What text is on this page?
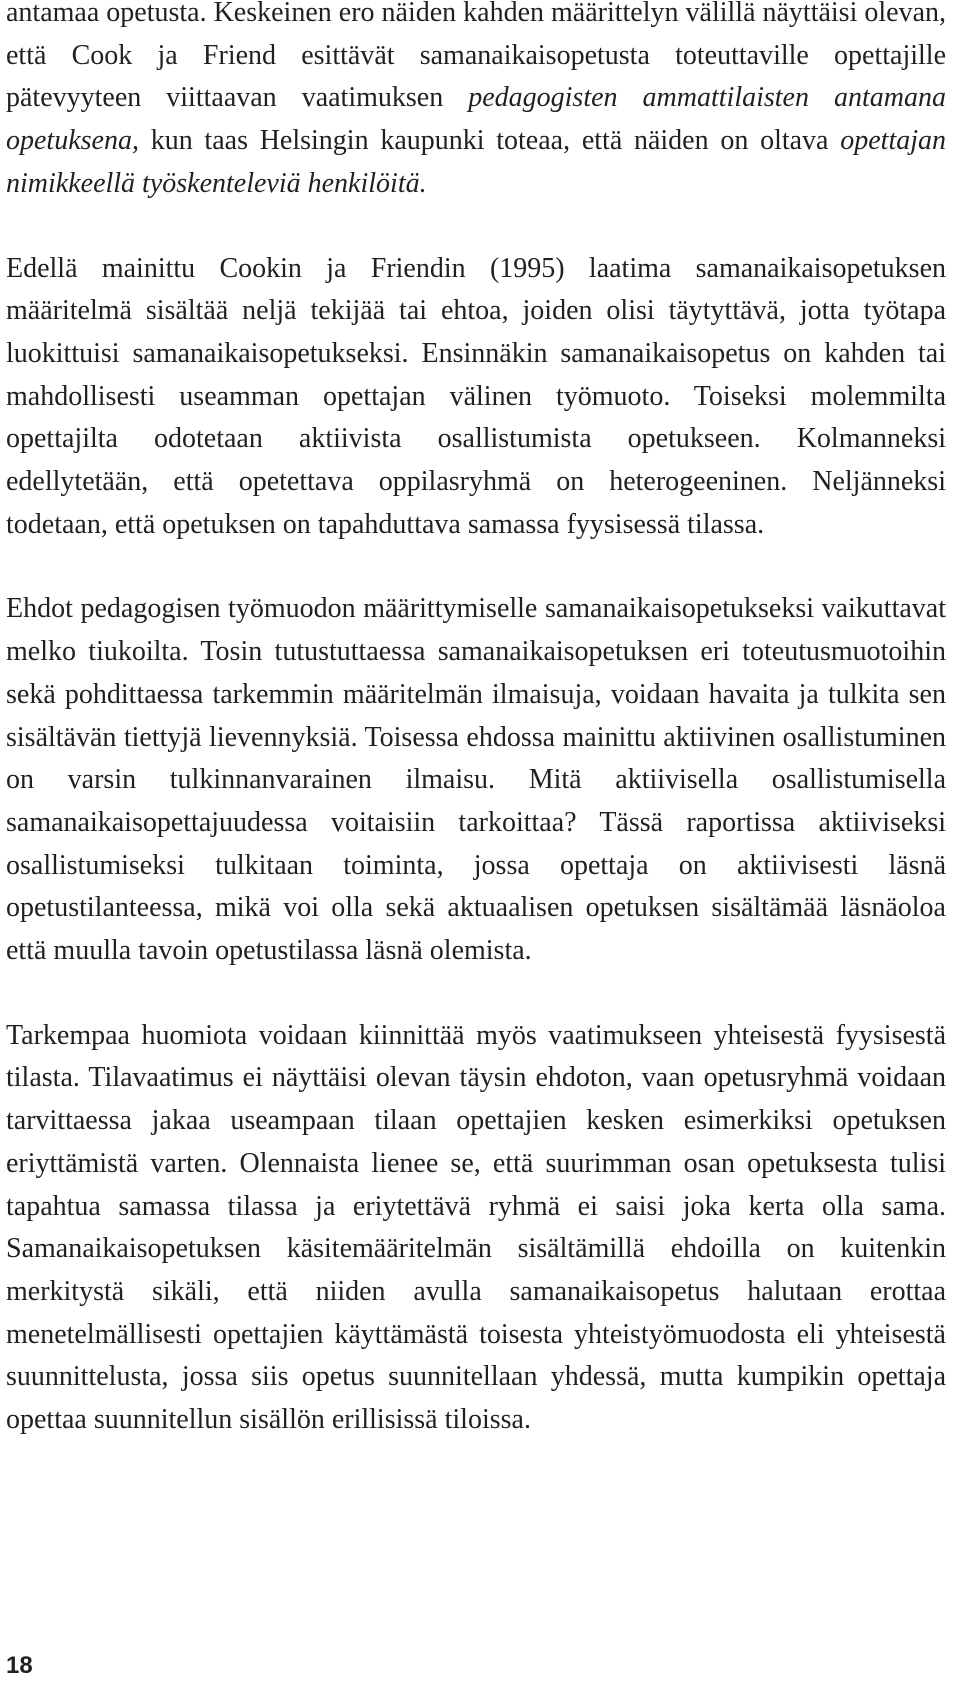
antamaa opetusta. Keskeinen ero näiden kahden määrittelyn välillä näyttäisi olevan, että Cook ja Friend esittävät samanaikaisopetusta toteuttaville opettajille pätevyyteen viittaavan vaatimuksen pedagogisten ammattilaisten antamana opetuksena, kun taas Helsingin kaupunki toteaa, että näiden on oltava opettajan nimikkeellä työskenteleviä henkilöitä.

Edellä mainittu Cookin ja Friendin (1995) laatima samanaikaisopetuksen määritelmä sisältää neljä tekijää tai ehtoa, joiden olisi täytyttävä, jotta työtapa luokittuisi samanaikaisopetukseksi. Ensinnäkin samanaikaisopetus on kahden tai mahdollisesti useamman opettajan välinen työmuoto. Toiseksi molemmilta opettajilta odotetaan aktiivista osallistumista opetukseen. Kolmanneksi edellytetään, että opetettava oppilasryhmä on heterogeeninen. Neljänneksi todetaan, että opetuksen on tapahduttava samassa fyysisessä tilassa.

Ehdot pedagogisen työmuodon määrittymiselle samanaikaisopetukseksi vaikuttavat melko tiukoilta. Tosin tutustuttaessa samanaikaisopetuksen eri toteutusmuotoihin sekä pohdittaessa tarkemmin määritelmän ilmaisuja, voidaan havaita ja tulkita sen sisältävän tiettyjä lievennyksiä. Toisessa ehdossa mainittu aktiivinen osallistuminen on varsin tulkinnanvarainen ilmaisu. Mitä aktiivisella osallistumisella samanaikaisopettajuudessa voitaisiin tarkoittaa? Tässä raportissa aktiiviseksi osallistumiseksi tulkitaan toiminta, jossa opettaja on aktiivisesti läsnä opetustilanteessa, mikä voi olla sekä aktuaalisen opetuksen sisältämää läsnäoloa että muulla tavoin opetustilassa läsnä olemista.

Tarkempaa huomiota voidaan kiinnittää myös vaatimukseen yhteisestä fyysisestä tilasta. Tilavaatimus ei näyttäisi olevan täysin ehdoton, vaan opetusryhmä voidaan tarvittaessa jakaa useampaan tilaan opettajien kesken esimerkiksi opetuksen eriyttämistä varten. Olennaista lienee se, että suurimman osan opetuksesta tulisi tapahtua samassa tilassa ja eriytettävä ryhmä ei saisi joka kerta olla sama. Samanaikaisopetuksen käsitemääritelmän sisältämillä ehdoilla on kuitenkin merkitystä sikäli, että niiden avulla samanaikaisopetus halutaan erottaa menetelmällisesti opettajien käyttämästä toisesta yhteistyömuodosta eli yhteisestä suunnittelusta, jossa siis opetus suunnitellaan yhdessä, mutta kumpikin opettaja opettaa suunnitellun sisällön erillisissä tiloissa.

18
